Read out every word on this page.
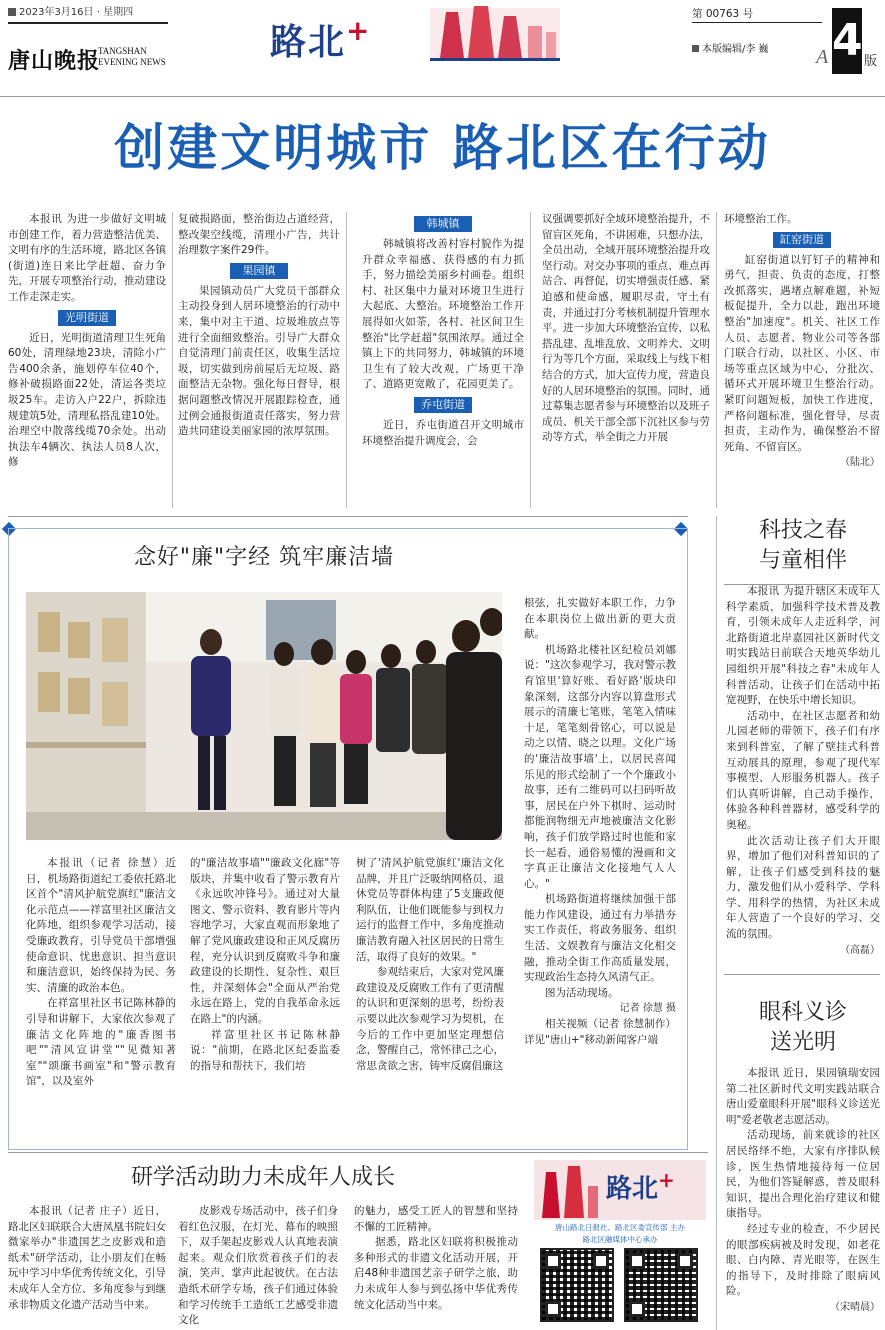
2023年3月16日 · 星期四
唐山晚报
TANGSHAN
EVENING NEWS	路北+	第 00763 号
本版编辑/李 巍 A 4 版
创建文明城市 路北区在行动

本报讯 为进一步做好文明城市创建工作，着力营造整洁优美、文明有序的生活环境，路北区各镇(街道)连日来比学赶超、奋力争先，开展专项整治行动，推动建设工作走深走实。

光明街道

近日，光明街道清理卫生死角60处，清理绿地23块，清除小广告400余条，施划停车位40个，修补破损路面22处，清运各类垃圾25车。走访入户22户，拆除违规建筑5处，清理私搭乱建10处。治理空中散落线缆70余处。出动执法车4辆次、执法人员8人次，修

复破损路面，整治街边占道经营，整改架空线缆，清理小广告，共计治理数字案件29件。

果园镇

果园镇动员广大党员干部群众主动投身到人居环境整治的行动中来，集中对主干道、垃圾堆放点等进行全面细致整治。引导广大群众自觉清理门前责任区，收集生活垃圾，切实做到房前屋后无垃圾、路面整洁无杂物。强化每日督导，根据问题整改情况开展跟踪检查，通过例会通报街道责任落实，努力营造共同建设美丽家园的浓厚氛围。

韩城镇

韩城镇将改善村容村貌作为提升群众幸福感、获得感的有力抓手，努力描绘美丽乡村画卷。组织村、社区集中力量对环境卫生进行大起底、大整治。环境整治工作开展得如火如荼，各村、社区间卫生整治"比学赶超"氛围浓厚。通过全镇上下的共同努力，韩城镇的环境卫生有了较大改观，广场更干净了、道路更宽敞了，花园更美了。

乔屯街道

近日，乔屯街道召开文明城市环境整治提升调度会，会

议强调要抓好全域环境整治提升，不留盲区死角，不讲困难，只想办法，全员出动，全域开展环境整治提升攻坚行动。对交办事项的重点、难点再站合、再督促，切实增强责任感、紧迫感和使命感，履职尽责，守土有责，并通过打分考核机制提升管理水平。进一步加大环境整治宣传，以私搭乱建、乱堆乱放、文明养犬、文明行为等几个方面，采取线上与线下相结合的方式，加大宣传力度，营造良好的人居环境整治的氛围。同时，通过募集志愿者参与环境整治以及班子成员、机关干部全部下沉社区参与劳动等方式，举全街之力开展

环境整治工作。

缸窑街道

缸窑街道以钉钉子的精神和勇气，担责、负责的态度，打整改抓落实，遇堵点解难题，补短板促提升，全力以赴，跑出环境整治"加速度"。机关、社区工作人员、志愿者、物业公司等各部门联合行动，以社区、小区、市场等重点区域为中心，分批次、循环式开展环境卫生整治行动。紧盯问题短板，加快工作进度，严格问题标准，强化督导，尽责担责，主动作为，确保整治不留死角、不留盲区。

（陆北）
念好"廉"字经 筑牢廉洁墙

本报讯（记者 徐慧）近日，机场路街道纪工委依托路北区首个"清风护航党旗红"廉洁文化示范点——祥富里社区廉洁文化阵地，组织参观学习活动，接受廉政教育，引导党员干部增强使命意识、忧患意识、担当意识和廉洁意识，始终保持为民、务实、清廉的政治本色。

在祥富里社区书记陈林静的引导和讲解下，大家依次参观了廉洁文化阵地的"廉香图书吧""清风宣讲堂""见微知著室""颂廉书画室"和"警示教育馆"，以及室外

的"廉洁故事墙""廉政文化廊"等版块，并集中收看了警示教育片《永远吹冲锋号》。通过对大量图文、警示资料、教育影片等内容地学习，大家直观而形象地了解了党风廉政建设和正风反腐历程，充分认识到反腐败斗争和廉政建设的长期性、复杂性、艰巨性，并深刻体会"全面从严治党永远在路上，党的自我革命永远在路上"的内涵。

祥富里社区书记陈林静说："前期，在路北区纪委监委的指导和帮扶下，我们培

树了'清风护航党旗红'廉洁文化品牌，并且广泛吸纳网格员、退休党员等群体构建了5支廉政便利队伍，让他们既能参与到权力运行的监督工作中，多角度推动廉洁教育融入社区居民的日常生活，取得了良好的效果。"

参观结束后，大家对党风廉政建设及反腐败工作有了更清醒的认识和更深刻的思考，纷纷表示要以此次参观学习为契机，在今后的工作中更加坚定理想信念，警醒自己，常怀律己之心，常思贪欲之害，铸牢反腐倡廉这

根弦，扎实做好本职工作，力争在本职岗位上做出新的更大贡献。

机场路北楼社区纪检员刘娜说："这次参观学习，我对警示教育馆里'算好账、看好路'版块印象深刻，这部分内容以算盘形式展示的清廉七笔账，笔笔入情味十足，笔笔刻骨铭心，可以说是动之以情、晓之以理。文化广场的'廉洁故事墙'上，以居民喜闻乐见的形式绘制了一个个廉政小故事，还有二维码可以扫码听故事，居民在户外下棋时、运动时都能润物细无声地被廉洁文化影响，孩子们放学路过时也能和家长一起看，通俗易懂的漫画和文字真正让廉洁文化接地气人人心。"

机场路街道将继续加强干部能力作风建设，通过有力举措夯实工作责任，将政务服务、组织生活、文娱教育与廉洁文化相交融，推动全街工作高质量发展，实现政治生态持久风清气正。

图为活动现场。

记者 徐慧 摄

相关视频（记者 徐慧制作）详见"唐山+"移动新闻客户端

科技之春
与童相伴

本报讯 为提升辖区未成年人科学素质，加强科学技术普及教育，引领未成年人走近科学，河北路街道北岸嘉园社区新时代文明实践站日前联合天地英华幼儿园组织开展"科技之春"未成年人科普活动，让孩子们在活动中拓宽视野，在快乐中增长知识。

活动中，在社区志愿者和幼儿园老师的带领下，孩子们有序来到科普室，了解了壁挂式科普互动展具的原理，参观了现代军事模型、人形服务机器人。孩子们认真听讲解，自己动手操作，体验各种科普器材，感受科学的奥秘。

此次活动让孩子们大开眼界，增加了他们对科普知识的了解，让孩子们感受到科技的魅力，激发他们从小爱科学、学科学、用科学的热情，为社区未成年人营造了一个良好的学习、交流的氛围。

（高磊）
眼科义诊
送光明

本报讯 近日，果园镇瑞安园第二社区新时代文明实践站联合唐山爱童眼科开展"眼科义诊送光明"爱老敬老志愿活动。

活动现场，前来就诊的社区居民络绎不绝，大家有序排队候诊，医生热情地接待每一位居民，为他们答疑解惑，普及眼科知识，提出合理化治疗建议和健康指导。

经过专业的检查，不少居民的眼部疾病被及时发现，如老花眼、白内障、青光眼等，在医生的指导下，及时排除了眼病风险。

（宋晴晨）
研学活动助力未成年人成长

本报讯（记者 庄子）近日，路北区妇联联合大唐凤凰书院妇女微家举办"非遗国艺之皮影戏和造纸术"研学活动，让小朋友们在畅玩中学习中华优秀传统文化，引导未成年人全方位、多角度参与到继承非物质文化遗产活动当中来。

皮影戏专场活动中，孩子们身着红色汉服，在灯光、幕布的映照下，双手架起皮影戏人认真地表演起来。观众们欣赏着孩子们的表演，笑声、掌声此起彼伏。在古法造纸术研学专场，孩子们通过体验和学习传统手工造纸工艺感受非遗文化

的魅力，感受工匠人的智慧和坚持不懈的工匠精神。

据悉，路北区妇联将积极推动多种形式的非遗文化活动开展，开启48种非遗国艺亲子研学之旅，助力未成年人参与到弘扬中华优秀传统文化活动当中来。

路北+
唐山路北日报社、路北区委宣传部 主办
路北区融媒体中心承办
